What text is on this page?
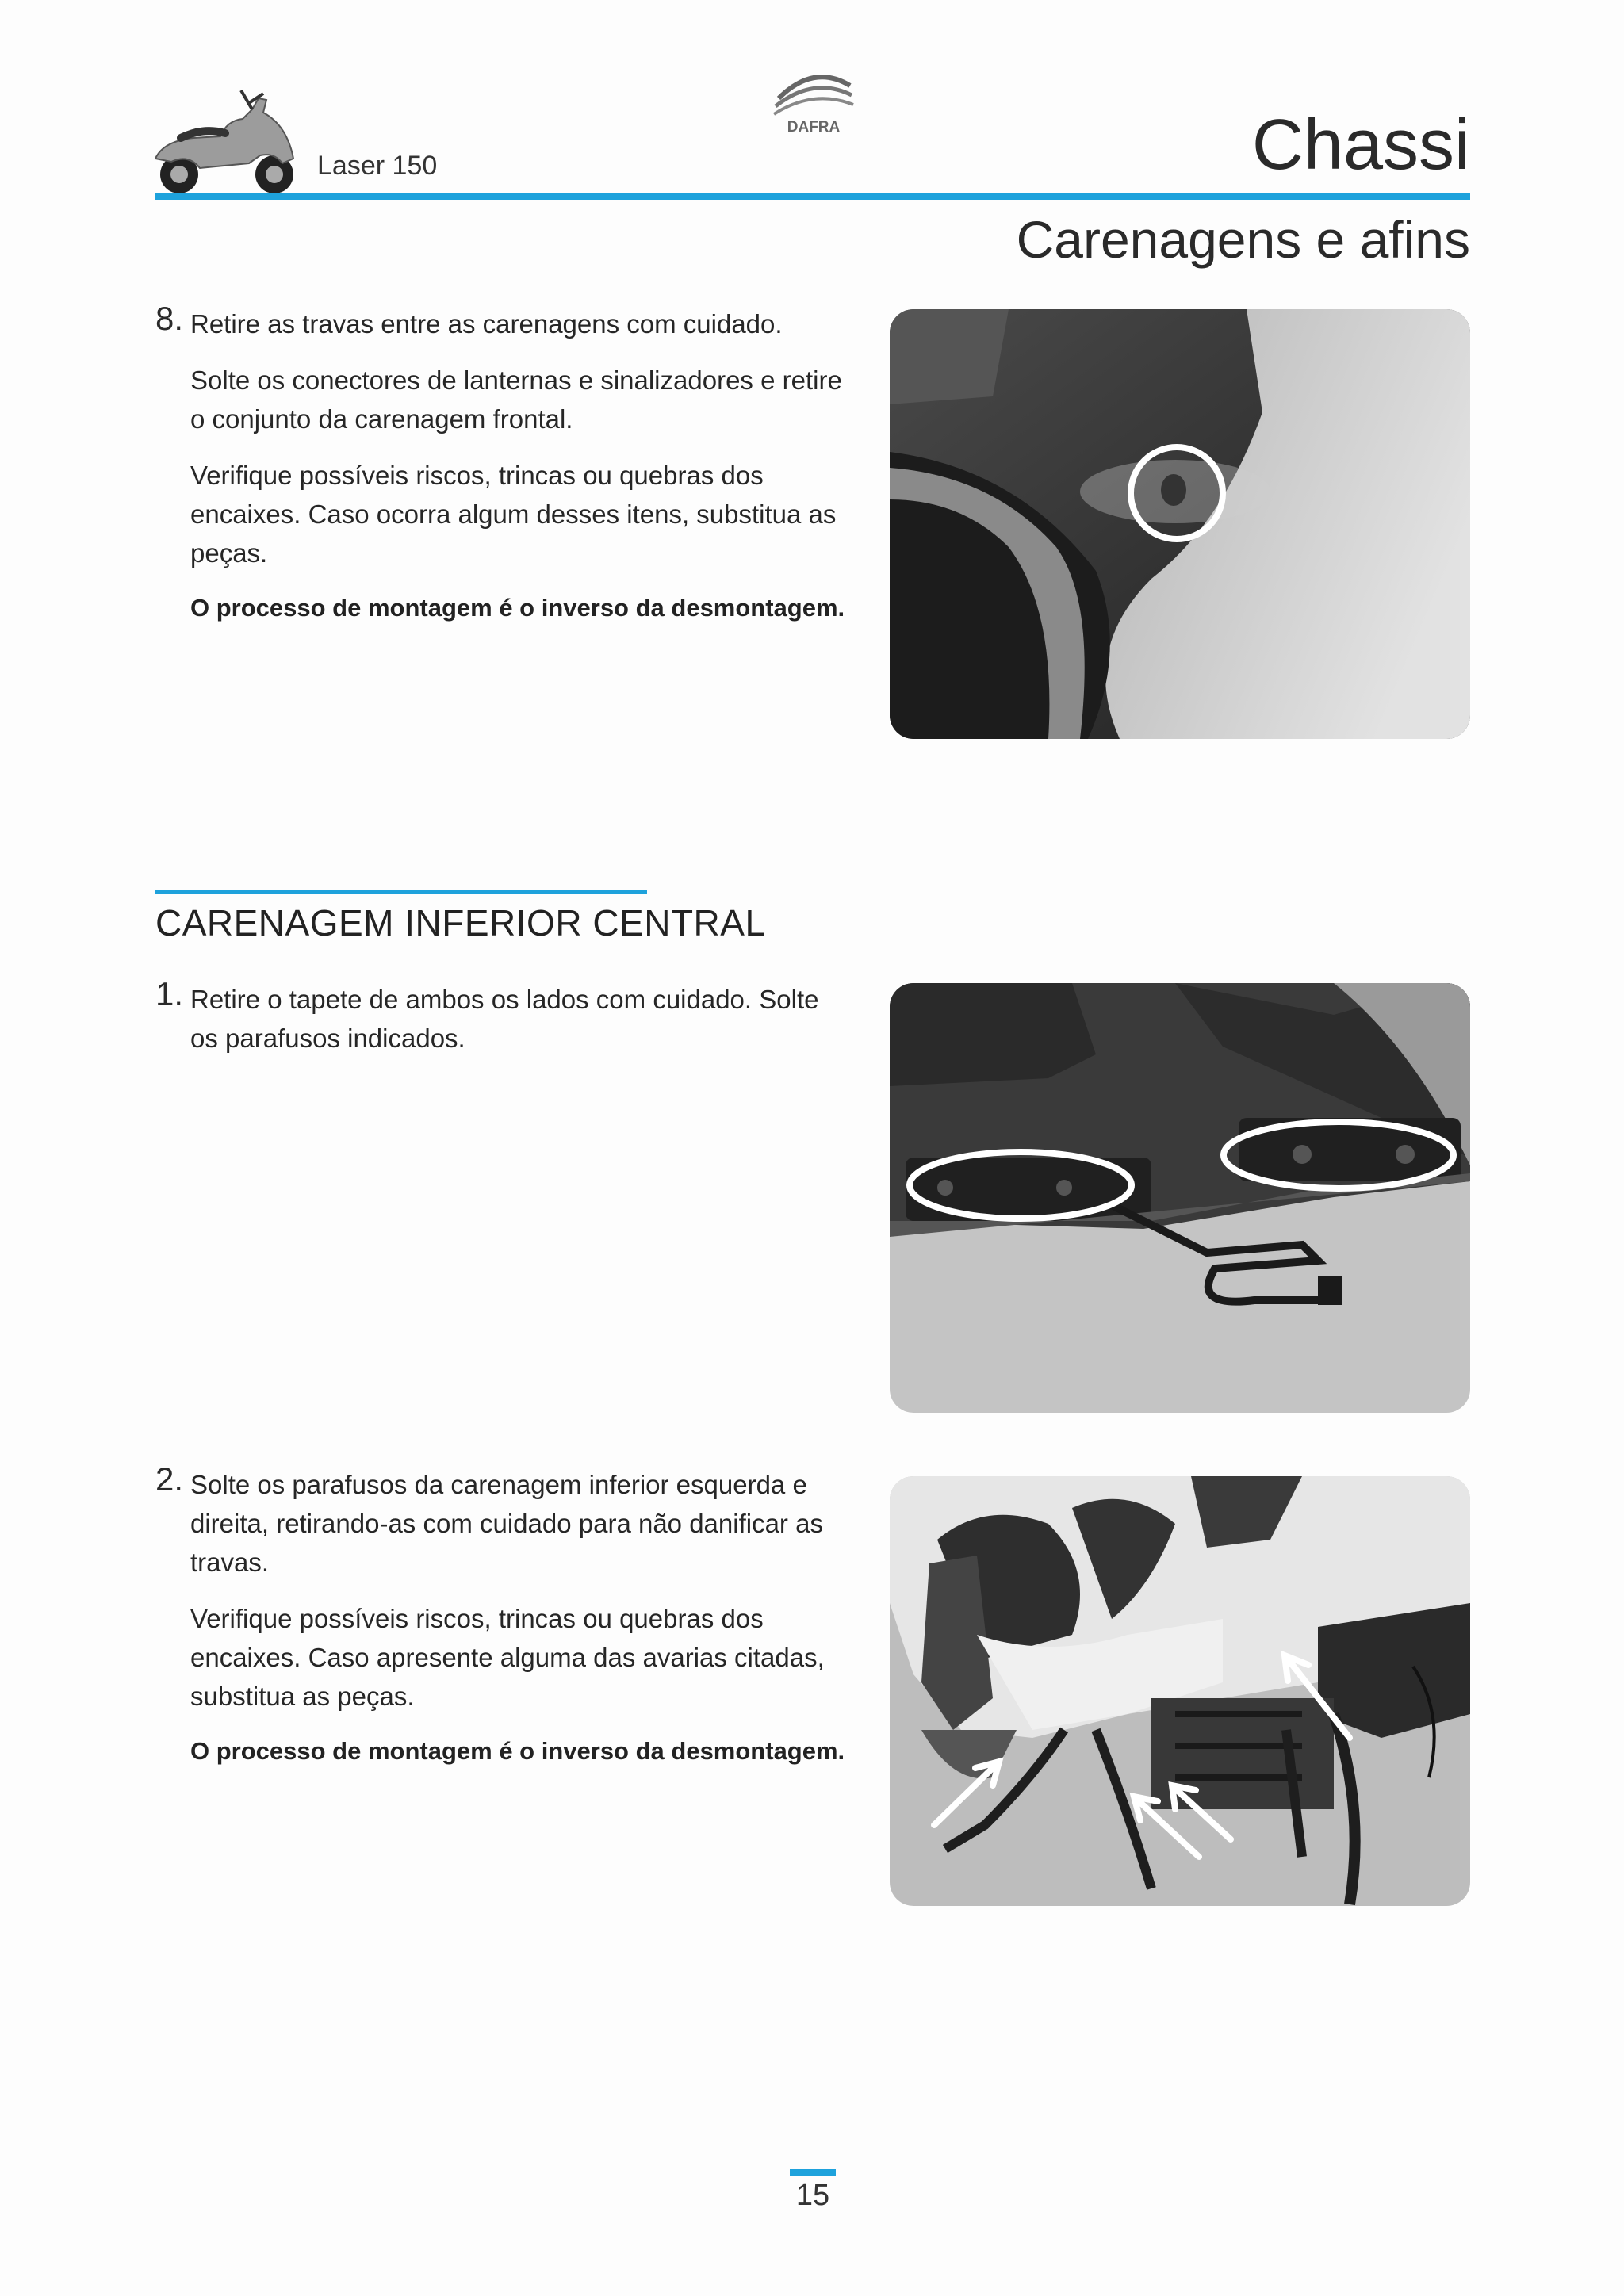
Laser 150
DAFRA	Chassi
Carenagens e afins
8. Retire as travas entre as carenagens com cuidado.

Solte os conectores de lanternas e sinalizadores e retire o conjunto da carenagem frontal.

Verifique possíveis riscos, trincas ou quebras dos encaixes. Caso ocorra algum desses itens, substitua as peças.

O processo de montagem é o inverso da desmontagem.

CARENAGEM INFERIOR CENTRAL
1. Retire o tapete de ambos os lados com cuidado. Solte os parafusos indicados.

2. Solte os parafusos da carenagem inferior esquerda e direita, retirando-as com cuidado para não danificar as travas.

Verifique possíveis riscos, trincas ou quebras dos encaixes. Caso apresente alguma das avarias citadas, substitua as peças.

O processo de montagem é o inverso da desmontagem.

15
